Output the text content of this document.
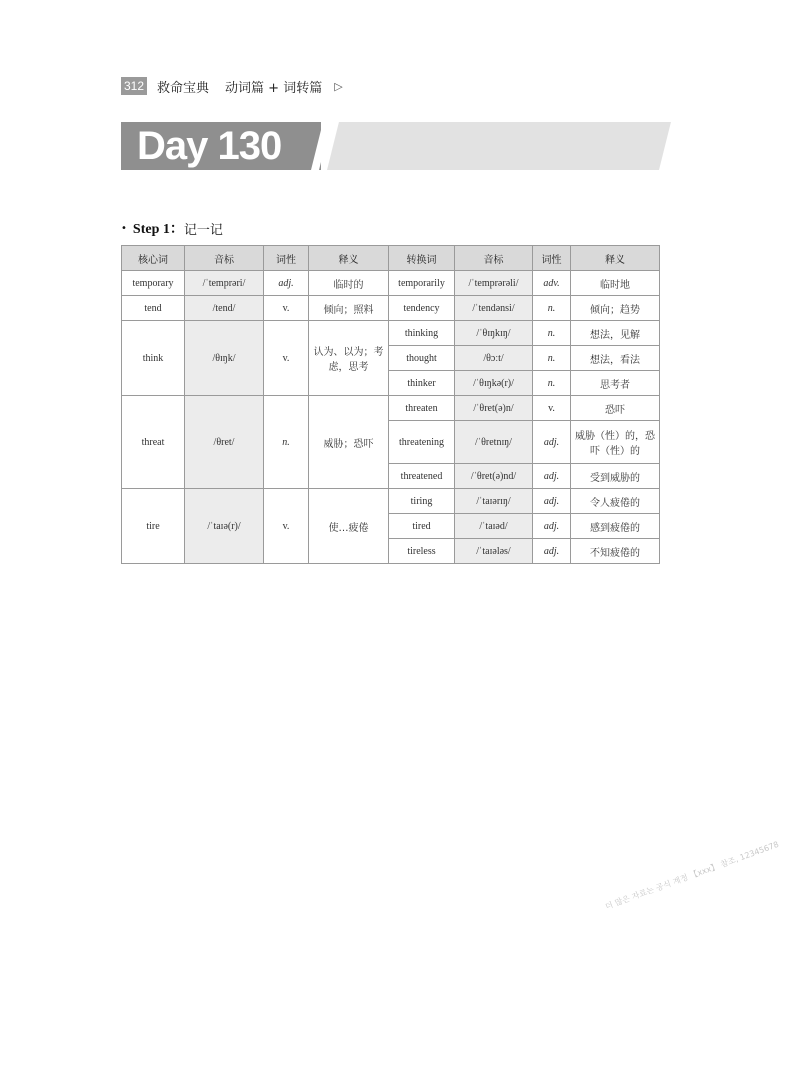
312 救命宝典 动词篇 + 词转篇 ▷
Day 130
• Step 1： 记一记
核心词	音标	词性	释义	转换词	音标	词性	释义
temporary	/ˈtemprəri/	adj.	临时的	temporarily	/ˈtemprərəli/	adv.	临时地
tend	/tend/	v.	倾向；照料	tendency	/ˈtendənsi/	n.	倾向；趋势
think	/θɪŋk/	v.	认为、以为；考虑，思考	thinking	/ˈθɪŋkɪŋ/	n.	想法，见解
				thought	/θɔːt/	n.	想法，看法
				thinker	/ˈθɪŋkə(r)/	n.	思考者
threat	/θret/	n.	威胁；恐吓	threaten	/ˈθret(ə)n/	v.	恐吓
				threatening	/ˈθretnɪŋ/	adj.	威胁（性）的，恐吓（性）的
				threatened	/ˈθret(ə)nd/	adj.	受到威胁的
tire	/ˈtaɪə(r)/	v.	使…疲倦	tiring	/ˈtaɪərɪŋ/	adj.	令人疲倦的
				tired	/ˈtaɪəd/	adj.	感到疲倦的
				tireless	/ˈtaɪələs/	adj.	不知疲倦的
더 많은 자료는 공식 계정 【xxx】 참조, 12345678
